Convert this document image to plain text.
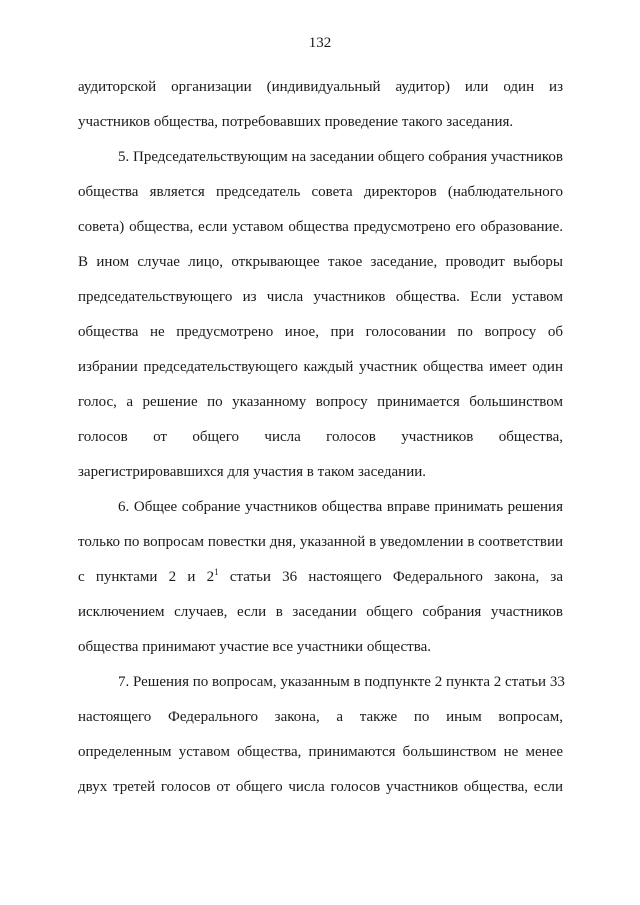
132
аудиторской организации (индивидуальный аудитор) или один из
участников общества, потребовавших проведение такого заседания.
5. Председательствующим на заседании общего собрания участников
общества является председатель совета директоров (наблюдательного
совета) общества, если уставом общества предусмотрено его образование.
В ином случае лицо, открывающее такое заседание, проводит выборы
председательствующего из числа участников общества. Если уставом
общества не предусмотрено иное, при голосовании по вопросу об
избрании председательствующего каждый участник общества имеет один
голос, а решение по указанному вопросу принимается большинством
голосов от общего числа голосов участников общества,
зарегистрировавшихся для участия в таком заседании.
6. Общее собрание участников общества вправе принимать решения
только по вопросам повестки дня, указанной в уведомлении в соответствии
с пунктами 2 и $2^1$ статьи 36 настоящего Федерального закона, за
исключением случаев, если в заседании общего собрания участников
общества принимают участие все участники общества.
7. Решения по вопросам, указанным в подпункте 2 пункта 2 статьи 33
настоящего Федерального закона, а также по иным вопросам,
определенным уставом общества, принимаются большинством не менее
двух третей голосов от общего числа голосов участников общества, если
